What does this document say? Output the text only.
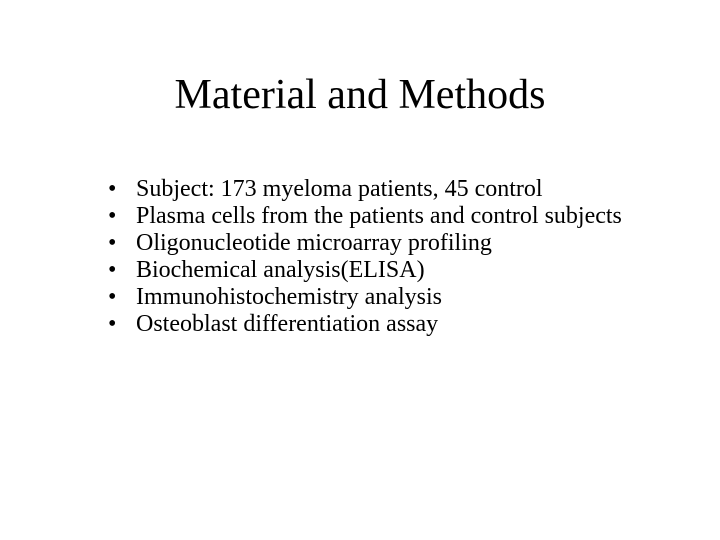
Material and Methods
• Subject: 173 myeloma patients, 45 control
• Plasma cells from the patients and control subjects
• Oligonucleotide microarray profiling
• Biochemical analysis(ELISA)
• Immunohistochemistry analysis
• Osteoblast differentiation assay
